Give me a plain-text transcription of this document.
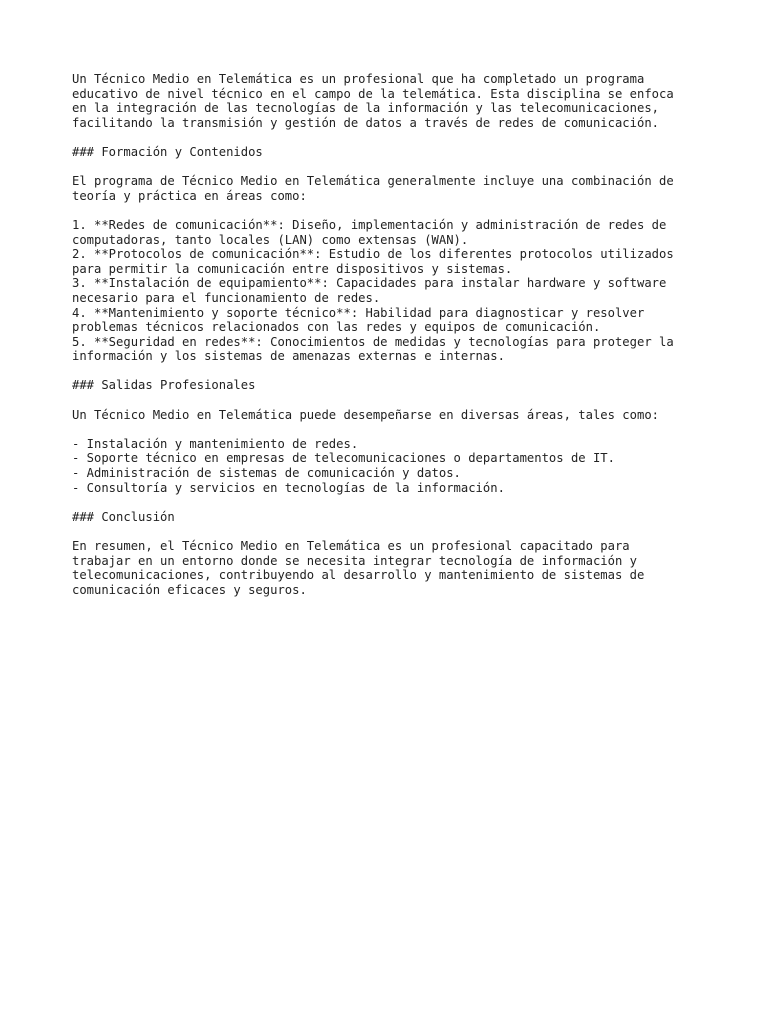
Un Técnico Medio en Telemática es un profesional que ha completado un programa
educativo de nivel técnico en el campo de la telemática. Esta disciplina se enfoca
en la integración de las tecnologías de la información y las telecomunicaciones,
facilitando la transmisión y gestión de datos a través de redes de comunicación.
### Formación y Contenidos
El programa de Técnico Medio en Telemática generalmente incluye una combinación de
teoría y práctica en áreas como:
1. **Redes de comunicación**: Diseño, implementación y administración de redes de
computadoras, tanto locales (LAN) como extensas (WAN).
2. **Protocolos de comunicación**: Estudio de los diferentes protocolos utilizados
para permitir la comunicación entre dispositivos y sistemas.
3. **Instalación de equipamiento**: Capacidades para instalar hardware y software
necesario para el funcionamiento de redes.
4. **Mantenimiento y soporte técnico**: Habilidad para diagnosticar y resolver
problemas técnicos relacionados con las redes y equipos de comunicación.
5. **Seguridad en redes**: Conocimientos de medidas y tecnologías para proteger la
información y los sistemas de amenazas externas e internas.
### Salidas Profesionales
Un Técnico Medio en Telemática puede desempeñarse en diversas áreas, tales como:
- Instalación y mantenimiento de redes.
- Soporte técnico en empresas de telecomunicaciones o departamentos de IT.
- Administración de sistemas de comunicación y datos.
- Consultoría y servicios en tecnologías de la información.
### Conclusión
En resumen, el Técnico Medio en Telemática es un profesional capacitado para
trabajar en un entorno donde se necesita integrar tecnología de información y
telecomunicaciones, contribuyendo al desarrollo y mantenimiento de sistemas de
comunicación eficaces y seguros.
